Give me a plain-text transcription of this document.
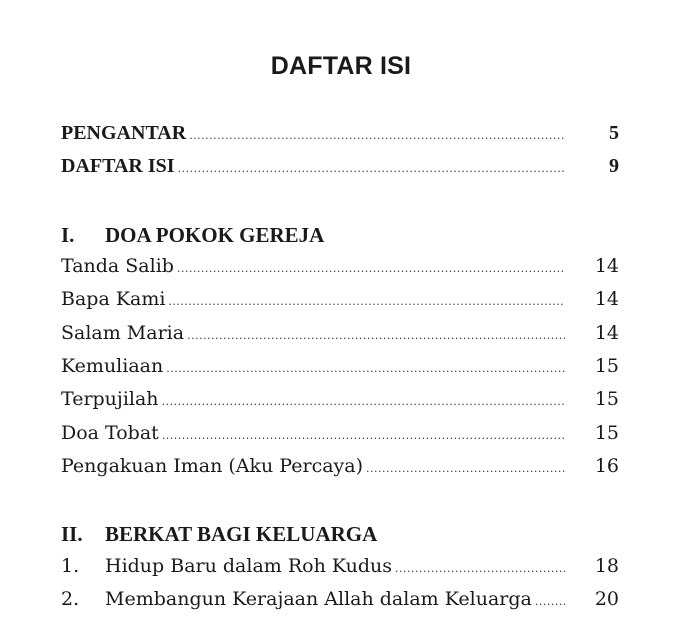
DAFTAR ISI
PENGANTAR .....	5
DAFTAR ISI .....	9
I.	DOA POKOK GEREJA
Tanda Salib .....	14
Bapa Kami .....	14
Salam Maria .....	14
Kemuliaan .....	15
Terpujilah .....	15
Doa Tobat .....	15
Pengakuan Iman (Aku Percaya) .....	16
II.	BERKAT BAGI KELUARGA
1.	Hidup Baru dalam Roh Kudus .....	18
2.	Membangun Kerajaan Allah dalam Keluarga .....	20
